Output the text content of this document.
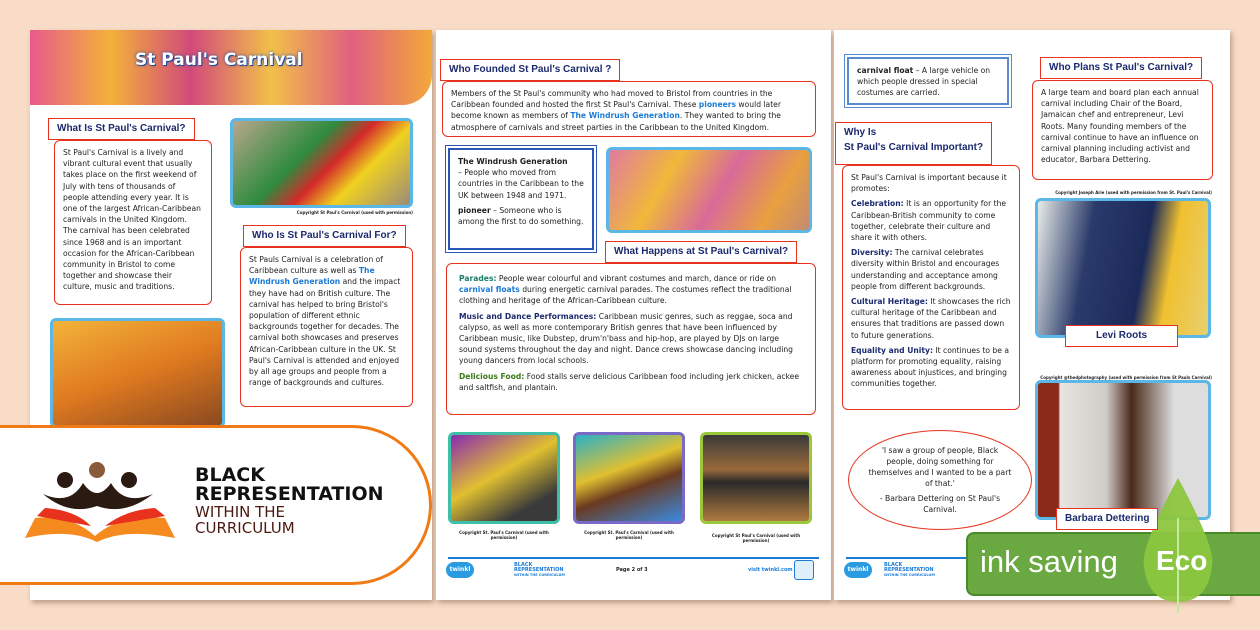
St Paul's Carnival
What Is St Paul's Carnival?
St Paul's Carnival is a lively and vibrant cultural event that usually takes place on the first weekend of July with tens of thousands of people attending every year. It is one of the largest African-Caribbean carnivals in the United Kingdom. The carnival has been celebrated since 1968 and is an important occasion for the African-Caribbean community in Bristol to come together and showcase their culture, music and traditions.
Copyright St Paul's Carnival (used with permission)
Who Is St Paul's Carnival For?
St Pauls Carnival is a celebration of Caribbean culture as well as The Windrush Generation and the impact they have had on British culture. The carnival has helped to bring Bristol's population of different ethnic backgrounds together for decades. The carnival both showcases and preserves African-Caribbean culture in the UK. St Paul's Carnival is attended and enjoyed by all age groups and people from a range of backgrounds and cultures.
BLACK
REPRESENTATION
WITHIN THE
CURRICULUM
Who Founded St Paul's Carnival ?
Members of the St Paul's community who had moved to Bristol from countries in the Caribbean founded and hosted the first St Paul's Carnival. These pioneers would later become known as members of The Windrush Generation. They wanted to bring the atmosphere of carnivals and street parties in the Caribbean to the United Kingdom.

The Windrush Generation
– People who moved from countries in the Caribbean to the UK between 1948 and 1971.

pioneer – Someone who is among the first to do something.

What Happens at St Paul's Carnival?

Parades: People wear colourful and vibrant costumes and march, dance or ride on carnival floats during energetic carnival parades. The costumes reflect the traditional clothing and heritage of the African-Caribbean culture.

Music and Dance Performances: Caribbean music genres, such as reggae, soca and calypso, as well as more contemporary British genres that have been influenced by Caribbean music, like Dubstep, drum'n'bass and hip-hop, are played by DJs on large sound systems throughout the day and night. Dance crews showcase dancing including young dancers from local schools.

Delicious Food: Food stalls serve delicious Caribbean food including jerk chicken, ackee and saltfish, and plantain.

Copyright St. Paul's Carnival (used with permission)
Copyright St. Paul's Carnival (used with permission)	Copyright St Paul's Carnival (used with permission)
twinkl
BLACK
REPRESENTATION
WITHIN THE CURRICULUM
Page 2 of 3	visit twinkl.com
carnival float – A large vehicle on which people dressed in special costumes are carried.
Why Is
St Paul's Carnival Important?

St Paul's Carnival is important because it promotes:

Celebration: It is an opportunity for the Caribbean-British community to come together, celebrate their culture and share it with others.

Diversity: The carnival celebrates diversity within Bristol and encourages understanding and acceptance among people from different backgrounds.

Cultural Heritage: It showcases the rich cultural heritage of the Caribbean and ensures that traditions are passed down to future generations.

Equality and Unity: It continues to be a platform for promoting equality, raising awareness about injustices, and bringing communities together.

Who Plans St Paul's Carnival?
A large team and board plan each annual carnival including Chair of the Board, Jamaican chef and entrepreneur, Levi Roots. Many founding members of the carnival continue to have an influence on carnival planning including activist and educator, Barbara Dettering.
Copyright Joseph Arie (used with permission from St. Paul's Carnival)
Levi Roots
Copyright @thedphotography (used with permission from St Pauls Carnival)
Barbara Dettering

'I saw a group of people, Black people, doing something for themselves and I wanted to be a part of that.'

- Barbara Dettering on St Paul's Carnival.

twinkl
BLACK
REPRESENTATION
WITHIN THE CURRICULUM ink saving Eco
